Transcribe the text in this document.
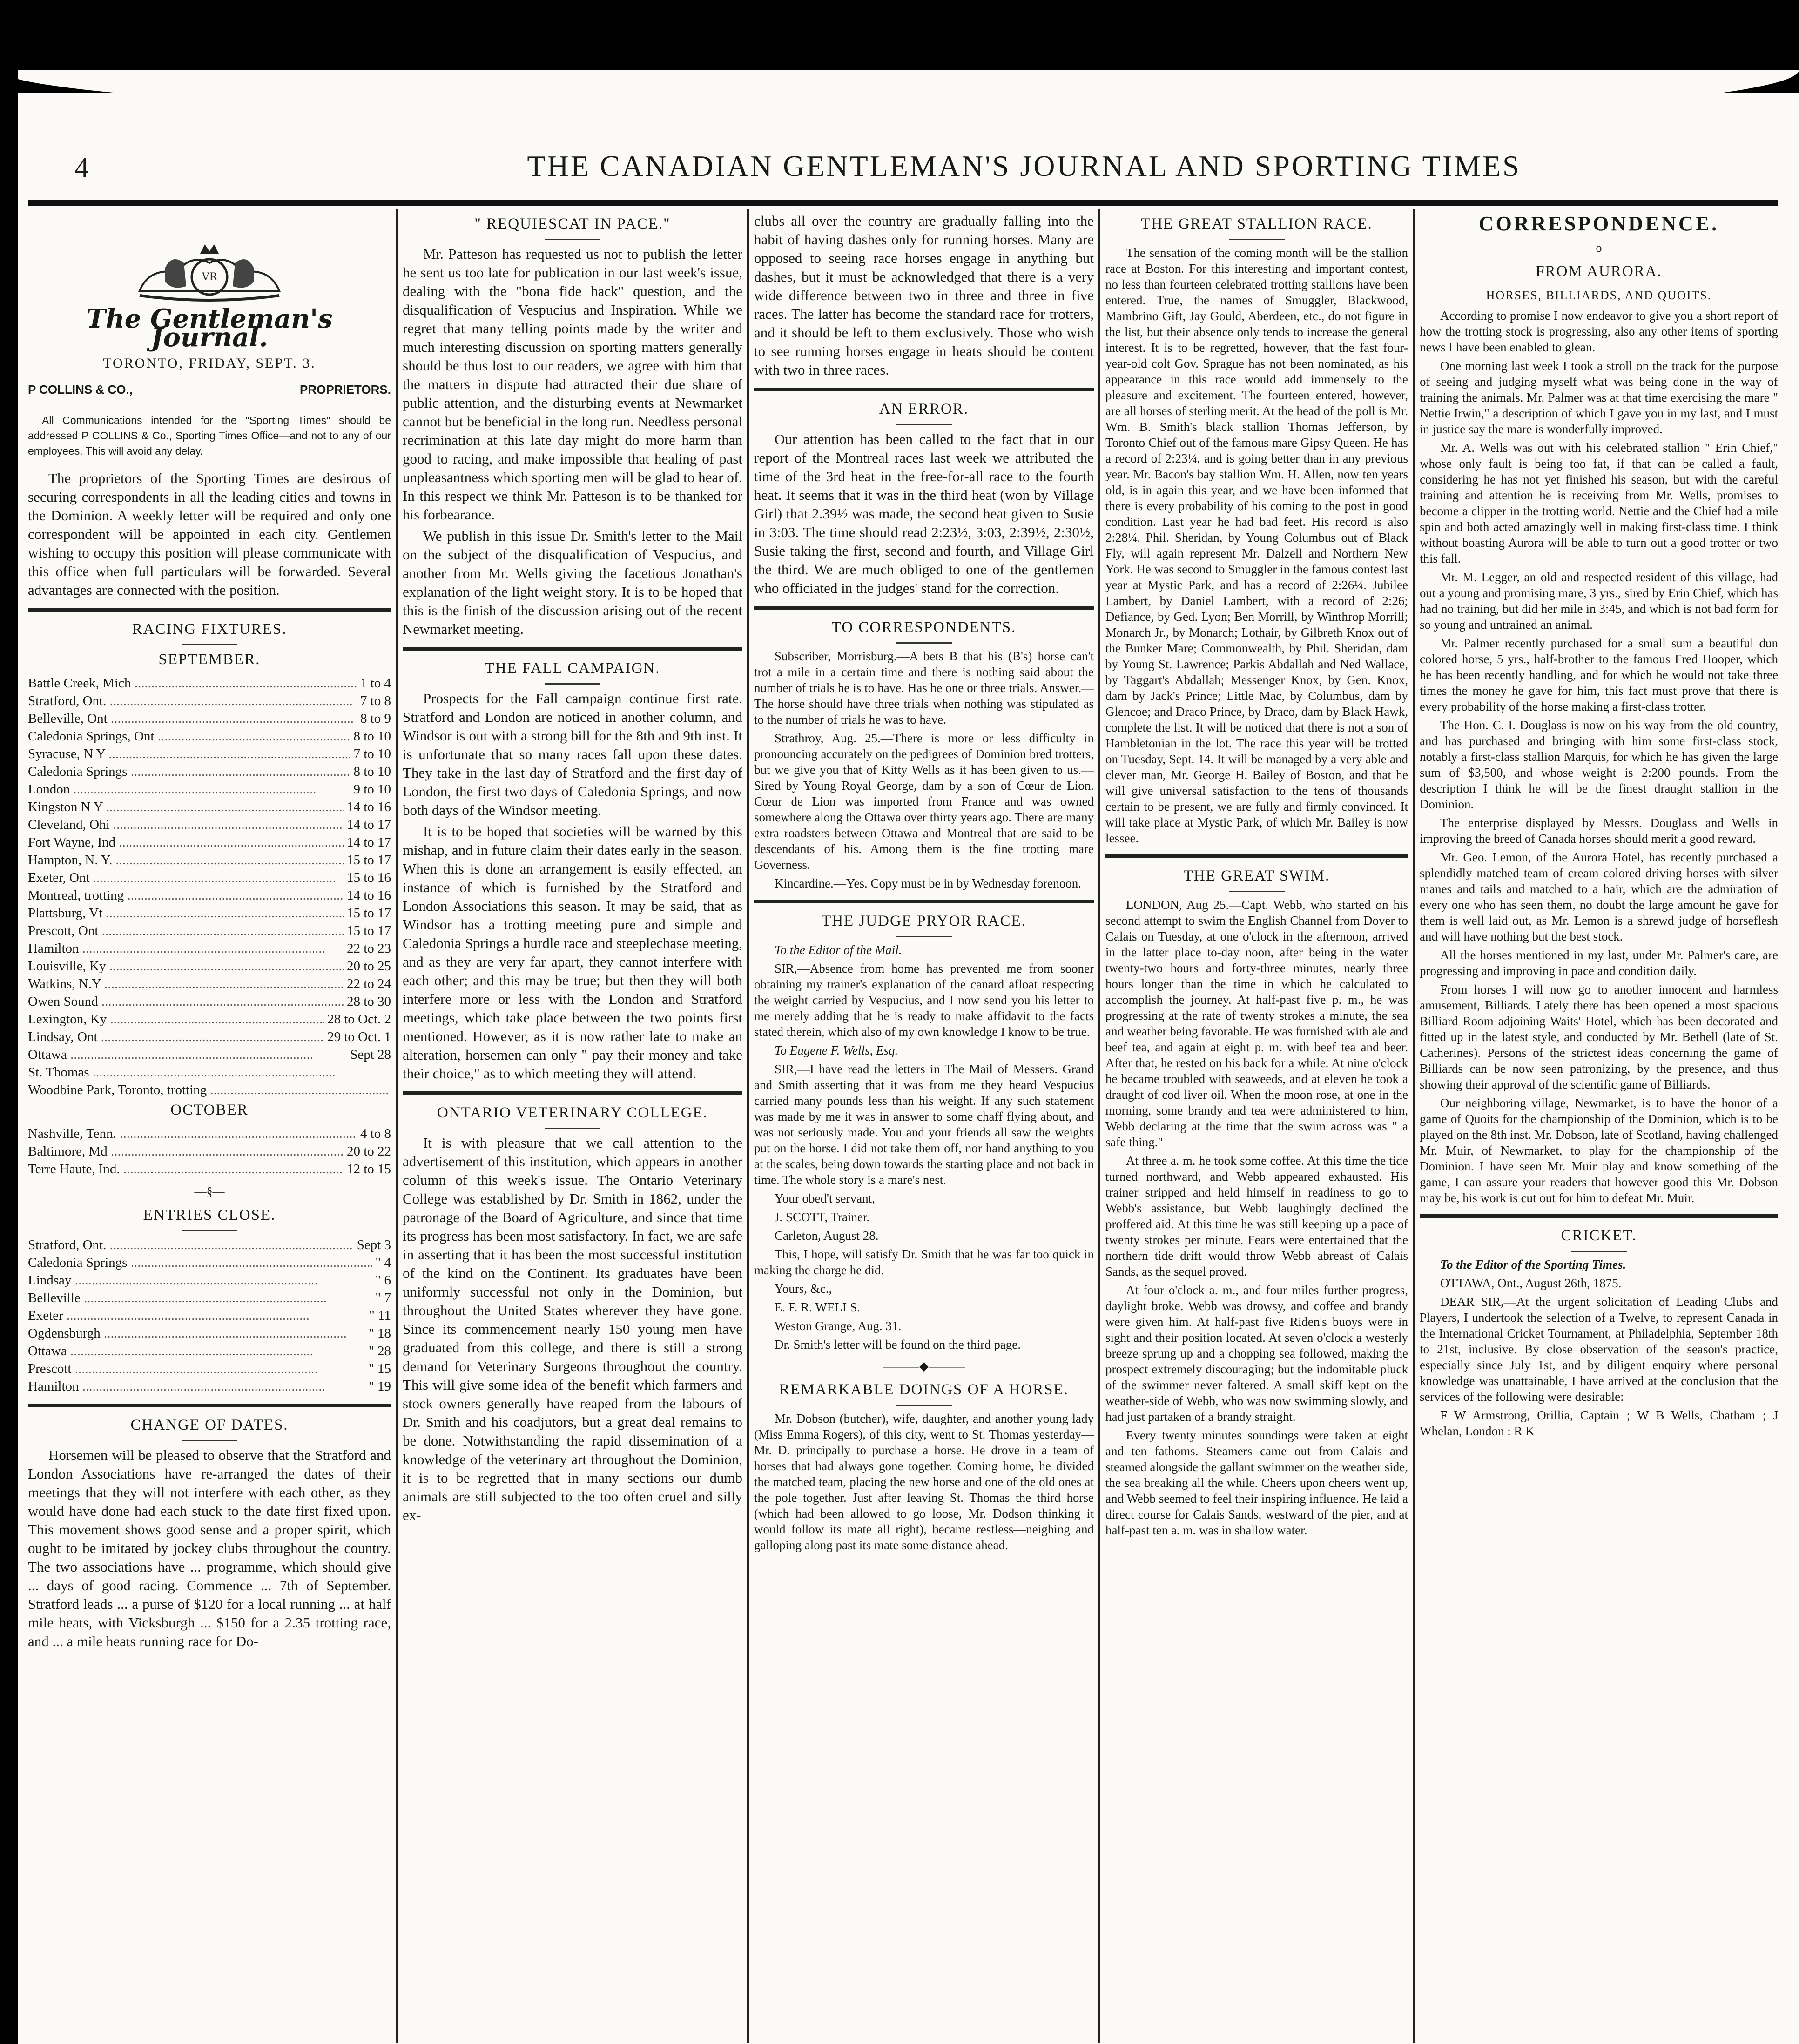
4	THE CANADIAN GENTLEMAN'S JOURNAL AND SPORTING TIMES
VR
The Gentleman's Journal.
TORONTO, FRIDAY, SEPT. 3.
P COLLINS & CO.,	PROPRIETORS.
All Communications intended for the "Sporting Times" should be addressed P COLLINS & Co., Sporting Times Office—and not to any of our employees. This will avoid any delay.

The proprietors of the Sporting Times are desirous of securing correspondents in all the leading cities and towns in the Dominion. A weekly letter will be required and only one correspondent will be appointed in each city. Gentlemen wishing to occupy this position will please communicate with this office when full particulars will be forwarded. Several advantages are connected with the position.

RACING FIXTURES.
SEPTEMBER.
Battle Creek, Mich .....	1 to 4
Stratford, Ont. .....	7 to 8
Belleville, Ont .....	8 to 9
Caledonia Springs, Ont .....	8 to 10
Syracuse, N Y .....	7 to 10
Caledonia Springs .....	8 to 10
London .....	9 to 10
Kingston N Y .....	14 to 16
Cleveland, Ohi .....	14 to 17
Fort Wayne, Ind .....	14 to 17
Hampton, N. Y. .....	15 to 17
Exeter, Ont .....	15 to 16
Montreal, trotting .....	14 to 16
Plattsburg, Vt .....	15 to 17
Prescott, Ont .....	15 to 17
Hamilton .....	22 to 23
Louisville, Ky .....	20 to 25
Watkins, N.Y .....	22 to 24
Owen Sound .....	28 to 30
Lexington, Ky .....	28 to Oct. 2
Lindsay, Ont .....	29 to Oct. 1
Ottawa .....	Sept 28
St. Thomas .....
Woodbine Park, Toronto, trotting .....
OCTOBER
Nashville, Tenn. .....	4 to 8
Baltimore, Md .....	20 to 22
Terre Haute, Ind. .....	12 to 15
—§—
ENTRIES CLOSE.
Stratford, Ont. .....	Sept 3
Caledonia Springs .....	" 4
Lindsay .....	" 6
Belleville .....	" 7
Exeter .....	" 11
Ogdensburgh .....	" 18
Ottawa .....	" 28
Prescott .....	" 15
Hamilton .....	" 19
CHANGE OF DATES.

Horsemen will be pleased to observe that the Stratford and London Associations have re-arranged the dates of their meetings that they will not interfere with each other, as they would have done had each stuck to the date first fixed upon. This movement shows good sense and a proper spirit, which ought to be imitated by jockey clubs throughout the country. The two associations have ... programme, which should give ... days of good racing. Commence ... 7th of September. Stratford leads ... a purse of $120 for a local running ... at half mile heats, with Vicksburgh ... $150 for a 2.35 trotting race, and ... a mile heats running race for Do-

" REQUIESCAT IN PACE."

Mr. Patteson has requested us not to publish the letter he sent us too late for publication in our last week's issue, dealing with the "bona fide hack" question, and the disqualification of Vespucius and Inspiration. While we regret that many telling points made by the writer and much interesting discussion on sporting matters generally should be thus lost to our readers, we agree with him that the matters in dispute had attracted their due share of public attention, and the disturbing events at Newmarket cannot but be beneficial in the long run. Needless personal recrimination at this late day might do more harm than good to racing, and make impossible that healing of past unpleasantness which sporting men will be glad to hear of. In this respect we think Mr. Patteson is to be thanked for his forbearance.

We publish in this issue Dr. Smith's letter to the Mail on the subject of the disqualification of Vespucius, and another from Mr. Wells giving the facetious Jonathan's explanation of the light weight story. It is to be hoped that this is the finish of the discussion arising out of the recent Newmarket meeting.

THE FALL CAMPAIGN.

Prospects for the Fall campaign continue first rate. Stratford and London are noticed in another column, and Windsor is out with a strong bill for the 8th and 9th inst. It is unfortunate that so many races fall upon these dates. They take in the last day of Stratford and the first day of London, the first two days of Caledonia Springs, and now both days of the Windsor meeting.

It is to be hoped that societies will be warned by this mishap, and in future claim their dates early in the season. When this is done an arrangement is easily effected, an instance of which is furnished by the Stratford and London Associations this season. It may be said, that as Windsor has a trotting meeting pure and simple and Caledonia Springs a hurdle race and steeplechase meeting, and as they are very far apart, they cannot interfere with each other; and this may be true; but then they will both interfere more or less with the London and Stratford meetings, which take place between the two points first mentioned. However, as it is now rather late to make an alteration, horsemen can only " pay their money and take their choice," as to which meeting they will attend.

ONTARIO VETERINARY COLLEGE.

It is with pleasure that we call attention to the advertisement of this institution, which appears in another column of this week's issue. The Ontario Veterinary College was established by Dr. Smith in 1862, under the patronage of the Board of Agriculture, and since that time its progress has been most satisfactory. In fact, we are safe in asserting that it has been the most successful institution of the kind on the Continent. Its graduates have been uniformly successful not only in the Dominion, but throughout the United States wherever they have gone. Since its commencement nearly 150 young men have graduated from this college, and there is still a strong demand for Veterinary Surgeons throughout the country. This will give some idea of the benefit which farmers and stock owners generally have reaped from the labours of Dr. Smith and his coadjutors, but a great deal remains to be done. Notwithstanding the rapid dissemination of a knowledge of the veterinary art throughout the Dominion, it is to be regretted that in many sections our dumb animals are still subjected to the too often cruel and silly ex-

clubs all over the country are gradually falling into the habit of having dashes only for running horses. Many are opposed to seeing race horses engage in anything but dashes, but it must be acknowledged that there is a very wide difference between two in three and three in five races. The latter has become the standard race for trotters, and it should be left to them exclusively. Those who wish to see running horses engage in heats should be content with two in three races.

AN ERROR.

Our attention has been called to the fact that in our report of the Montreal races last week we attributed the time of the 3rd heat in the free-for-all race to the fourth heat. It seems that it was in the third heat (won by Village Girl) that 2.39½ was made, the second heat given to Susie in 3:03. The time should read 2:23½, 3:03, 2:39½, 2:30½, Susie taking the first, second and fourth, and Village Girl the third. We are much obliged to one of the gentlemen who officiated in the judges' stand for the correction.

TO CORRESPONDENTS.

Subscriber, Morrisburg.—A bets B that his (B's) horse can't trot a mile in a certain time and there is nothing said about the number of trials he is to have. Has he one or three trials. Answer.—The horse should have three trials when nothing was stipulated as to the number of trials he was to have.

Strathroy, Aug. 25.—There is more or less difficulty in pronouncing accurately on the pedigrees of Dominion bred trotters, but we give you that of Kitty Wells as it has been given to us.—Sired by Young Royal George, dam by a son of Cœur de Lion. Cœur de Lion was imported from France and was owned somewhere along the Ottawa over thirty years ago. There are many extra roadsters between Ottawa and Montreal that are said to be descendants of his. Among them is the fine trotting mare Governess.

Kincardine.—Yes. Copy must be in by Wednesday forenoon.

THE JUDGE PRYOR RACE.

To the Editor of the Mail.

SIR,—Absence from home has prevented me from sooner obtaining my trainer's explanation of the canard afloat respecting the weight carried by Vespucius, and I now send you his letter to me merely adding that he is ready to make affidavit to the facts stated therein, which also of my own knowledge I know to be true.

To Eugene F. Wells, Esq.

SIR,—I have read the letters in The Mail of Messers. Grand and Smith asserting that it was from me they heard Vespucius carried many pounds less than his weight. If any such statement was made by me it was in answer to some chaff flying about, and was not seriously made. You and your friends all saw the weights put on the horse. I did not take them off, nor hand anything to you at the scales, being down towards the starting place and not back in time. The whole story is a mare's nest.

Your obed't servant,

J. SCOTT, Trainer.

Carleton, August 28.

This, I hope, will satisfy Dr. Smith that he was far too quick in making the charge he did.

Yours, &c.,

E. F. R. WELLS.

Weston Grange, Aug. 31.

Dr. Smith's letter will be found on the third page.

———◆———
REMARKABLE DOINGS OF A HORSE.

Mr. Dobson (butcher), wife, daughter, and another young lady (Miss Emma Rogers), of this city, went to St. Thomas yesterday—Mr. D. principally to purchase a horse. He drove in a team of horses that had always gone together. Coming home, he divided the matched team, placing the new horse and one of the old ones at the pole together. Just after leaving St. Thomas the third horse (which had been allowed to go loose, Mr. Dodson thinking it would follow its mate all right), became restless—neighing and galloping along past its mate some distance ahead.

THE GREAT STALLION RACE.

The sensation of the coming month will be the stallion race at Boston. For this interesting and important contest, no less than fourteen celebrated trotting stallions have been entered. True, the names of Smuggler, Blackwood, Mambrino Gift, Jay Gould, Aberdeen, etc., do not figure in the list, but their absence only tends to increase the general interest. It is to be regretted, however, that the fast four-year-old colt Gov. Sprague has not been nominated, as his appearance in this race would add immensely to the pleasure and excitement. The fourteen entered, however, are all horses of sterling merit. At the head of the poll is Mr. Wm. B. Smith's black stallion Thomas Jefferson, by Toronto Chief out of the famous mare Gipsy Queen. He has a record of 2:23¼, and is going better than in any previous year. Mr. Bacon's bay stallion Wm. H. Allen, now ten years old, is in again this year, and we have been informed that there is every probability of his coming to the post in good condition. Last year he had bad feet. His record is also 2:28¼. Phil. Sheridan, by Young Columbus out of Black Fly, will again represent Mr. Dalzell and Northern New York. He was second to Smuggler in the famous contest last year at Mystic Park, and has a record of 2:26¼. Jubilee Lambert, by Daniel Lambert, with a record of 2:26; Defiance, by Ged. Lyon; Ben Morrill, by Winthrop Morrill; Monarch Jr., by Monarch; Lothair, by Gilbreth Knox out of the Bunker Mare; Commonwealth, by Phil. Sheridan, dam by Young St. Lawrence; Parkis Abdallah and Ned Wallace, by Taggart's Abdallah; Messenger Knox, by Gen. Knox, dam by Jack's Prince; Little Mac, by Columbus, dam by Glencoe; and Draco Prince, by Draco, dam by Black Hawk, complete the list. It will be noticed that there is not a son of Hambletonian in the lot. The race this year will be trotted on Tuesday, Sept. 14. It will be managed by a very able and clever man, Mr. George H. Bailey of Boston, and that he will give universal satisfaction to the tens of thousands certain to be present, we are fully and firmly convinced. It will take place at Mystic Park, of which Mr. Bailey is now lessee.

THE GREAT SWIM.

LONDON, Aug 25.—Capt. Webb, who started on his second attempt to swim the English Channel from Dover to Calais on Tuesday, at one o'clock in the afternoon, arrived in the latter place to-day noon, after being in the water twenty-two hours and forty-three minutes, nearly three hours longer than the time in which he calculated to accomplish the journey. At half-past five p. m., he was progressing at the rate of twenty strokes a minute, the sea and weather being favorable. He was furnished with ale and beef tea, and again at eight p. m. with beef tea and beer. After that, he rested on his back for a while. At nine o'clock he became troubled with seaweeds, and at eleven he took a draught of cod liver oil. When the moon rose, at one in the morning, some brandy and tea were administered to him, Webb declaring at the time that the swim across was " a safe thing."

At three a. m. he took some coffee. At this time the tide turned northward, and Webb appeared exhausted. His trainer stripped and held himself in readiness to go to Webb's assistance, but Webb laughingly declined the proffered aid. At this time he was still keeping up a pace of twenty strokes per minute. Fears were entertained that the northern tide drift would throw Webb abreast of Calais Sands, as the sequel proved.

At four o'clock a. m., and four miles further progress, daylight broke. Webb was drowsy, and coffee and brandy were given him. At half-past five Riden's buoys were in sight and their position located. At seven o'clock a westerly breeze sprung up and a chopping sea followed, making the prospect extremely discouraging; but the indomitable pluck of the swimmer never faltered. A small skiff kept on the weather-side of Webb, who was now swimming slowly, and had just partaken of a brandy straight.

Every twenty minutes soundings were taken at eight and ten fathoms. Steamers came out from Calais and steamed alongside the gallant swimmer on the weather side, the sea breaking all the while. Cheers upon cheers went up, and Webb seemed to feel their inspiring influence. He laid a direct course for Calais Sands, westward of the pier, and at half-past ten a. m. was in shallow water.

CORRESPONDENCE.
—o—
FROM AURORA.
HORSES, BILLIARDS, AND QUOITS.

According to promise I now endeavor to give you a short report of how the trotting stock is progressing, also any other items of sporting news I have been enabled to glean.

One morning last week I took a stroll on the track for the purpose of seeing and judging myself what was being done in the way of training the animals. Mr. Palmer was at that time exercising the mare " Nettie Irwin," a description of which I gave you in my last, and I must in justice say the mare is wonderfully improved.

Mr. A. Wells was out with his celebrated stallion " Erin Chief," whose only fault is being too fat, if that can be called a fault, considering he has not yet finished his season, but with the careful training and attention he is receiving from Mr. Wells, promises to become a clipper in the trotting world. Nettie and the Chief had a mile spin and both acted amazingly well in making first-class time. I think without boasting Aurora will be able to turn out a good trotter or two this fall.

Mr. M. Legger, an old and respected resident of this village, had out a young and promising mare, 3 yrs., sired by Erin Chief, which has had no training, but did her mile in 3:45, and which is not bad form for so young and untrained an animal.

Mr. Palmer recently purchased for a small sum a beautiful dun colored horse, 5 yrs., half-brother to the famous Fred Hooper, which he has been recently handling, and for which he would not take three times the money he gave for him, this fact must prove that there is every probability of the horse making a first-class trotter.

The Hon. C. I. Douglass is now on his way from the old country, and has purchased and bringing with him some first-class stock, notably a first-class stallion Marquis, for which he has given the large sum of $3,500, and whose weight is 2:200 pounds. From the description I think he will be the finest draught stallion in the Dominion.

The enterprise displayed by Messrs. Douglass and Wells in improving the breed of Canada horses should merit a good reward.

Mr. Geo. Lemon, of the Aurora Hotel, has recently purchased a splendidly matched team of cream colored driving horses with silver manes and tails and matched to a hair, which are the admiration of every one who has seen them, no doubt the large amount he gave for them is well laid out, as Mr. Lemon is a shrewd judge of horseflesh and will have nothing but the best stock.

All the horses mentioned in my last, under Mr. Palmer's care, are progressing and improving in pace and condition daily.

From horses I will now go to another innocent and harmless amusement, Billiards. Lately there has been opened a most spacious Billiard Room adjoining Waits' Hotel, which has been decorated and fitted up in the latest style, and conducted by Mr. Bethell (late of St. Catherines). Persons of the strictest ideas concerning the game of Billiards can be now seen patronizing, by the presence, and thus showing their approval of the scientific game of Billiards.

Our neighboring village, Newmarket, is to have the honor of a game of Quoits for the championship of the Dominion, which is to be played on the 8th inst. Mr. Dobson, late of Scotland, having challenged Mr. Muir, of Newmarket, to play for the championship of the Dominion. I have seen Mr. Muir play and know something of the game, I can assure your readers that however good this Mr. Dobson may be, his work is cut out for him to defeat Mr. Muir.

CRICKET.

To the Editor of the Sporting Times.

OTTAWA, Ont., August 26th, 1875.

DEAR SIR,—At the urgent solicitation of Leading Clubs and Players, I undertook the selection of a Twelve, to represent Canada in the International Cricket Tournament, at Philadelphia, September 18th to 21st, inclusive. By close observation of the season's practice, especially since July 1st, and by diligent enquiry where personal knowledge was unattainable, I have arrived at the conclusion that the services of the following were desirable:

F W Armstrong, Orillia, Captain ; W B Wells, Chatham ; J Whelan, London : R K
